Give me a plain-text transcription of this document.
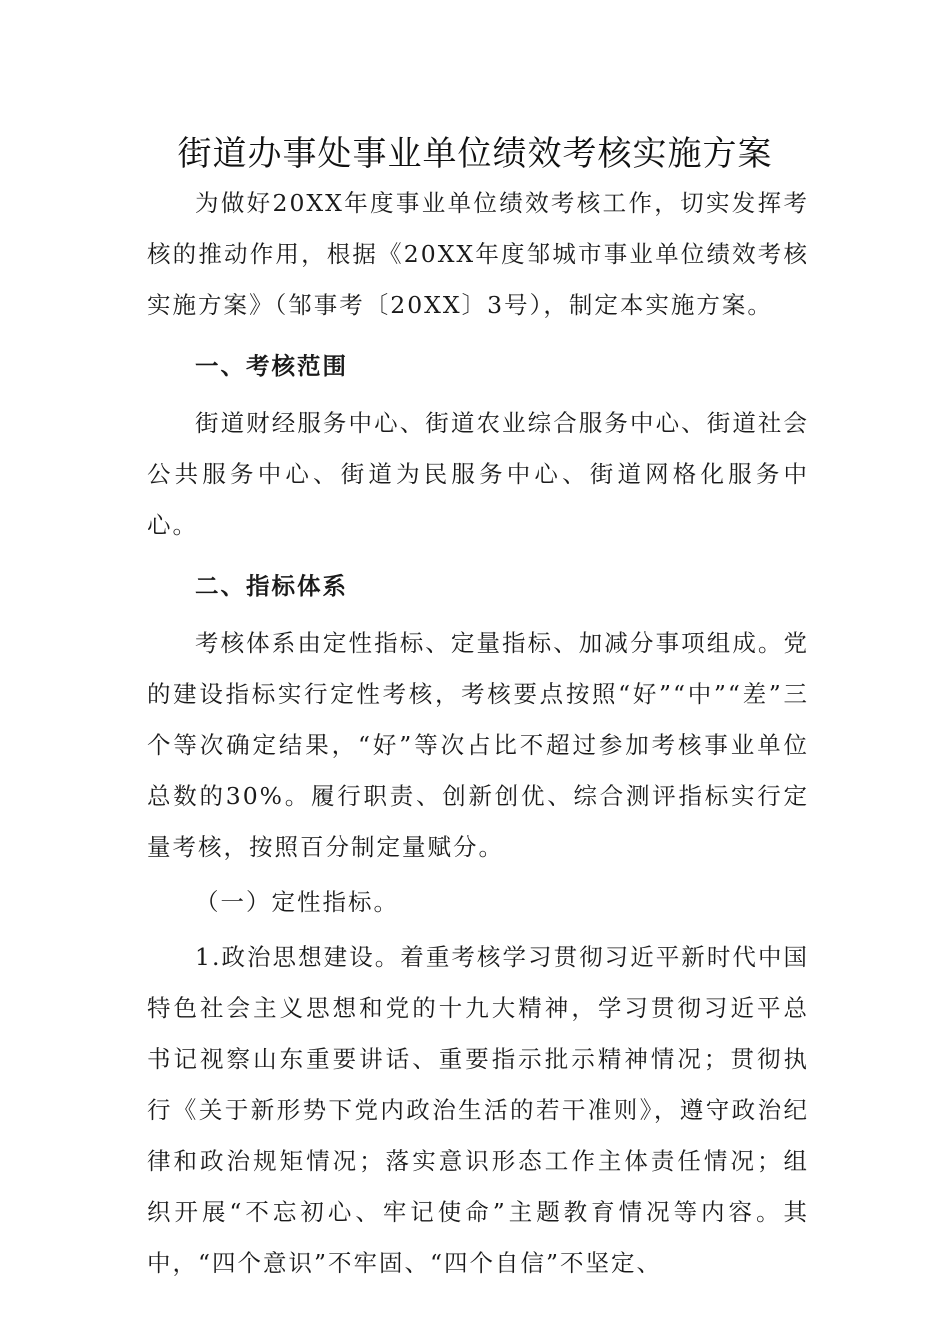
街道办事处事业单位绩效考核实施方案

为做好20XX年度事业单位绩效考核工作，切实发挥考核的推动作用，根据《20XX年度邹城市事业单位绩效考核实施方案》（邹事考〔20XX〕3号），制定本实施方案。

一、考核范围

街道财经服务中心、街道农业综合服务中心、街道社会公共服务中心、街道为民服务中心、街道网格化服务中心。

二、指标体系

考核体系由定性指标、定量指标、加减分事项组成。党的建设指标实行定性考核，考核要点按照“好”“中”“差”三个等次确定结果，“好”等次占比不超过参加考核事业单位总数的30%。履行职责、创新创优、综合测评指标实行定量考核，按照百分制定量赋分。

（一）定性指标。

1.政治思想建设。着重考核学习贯彻习近平新时代中国特色社会主义思想和党的十九大精神，学习贯彻习近平总书记视察山东重要讲话、重要指示批示精神情况；贯彻执行《关于新形势下党内政治生活的若干准则》，遵守政治纪律和政治规矩情况；落实意识形态工作主体责任情况；组织开展“不忘初心、牢记使命”主题教育情况等内容。其中，“四个意识”不牢固、“四个自信”不坚定、
